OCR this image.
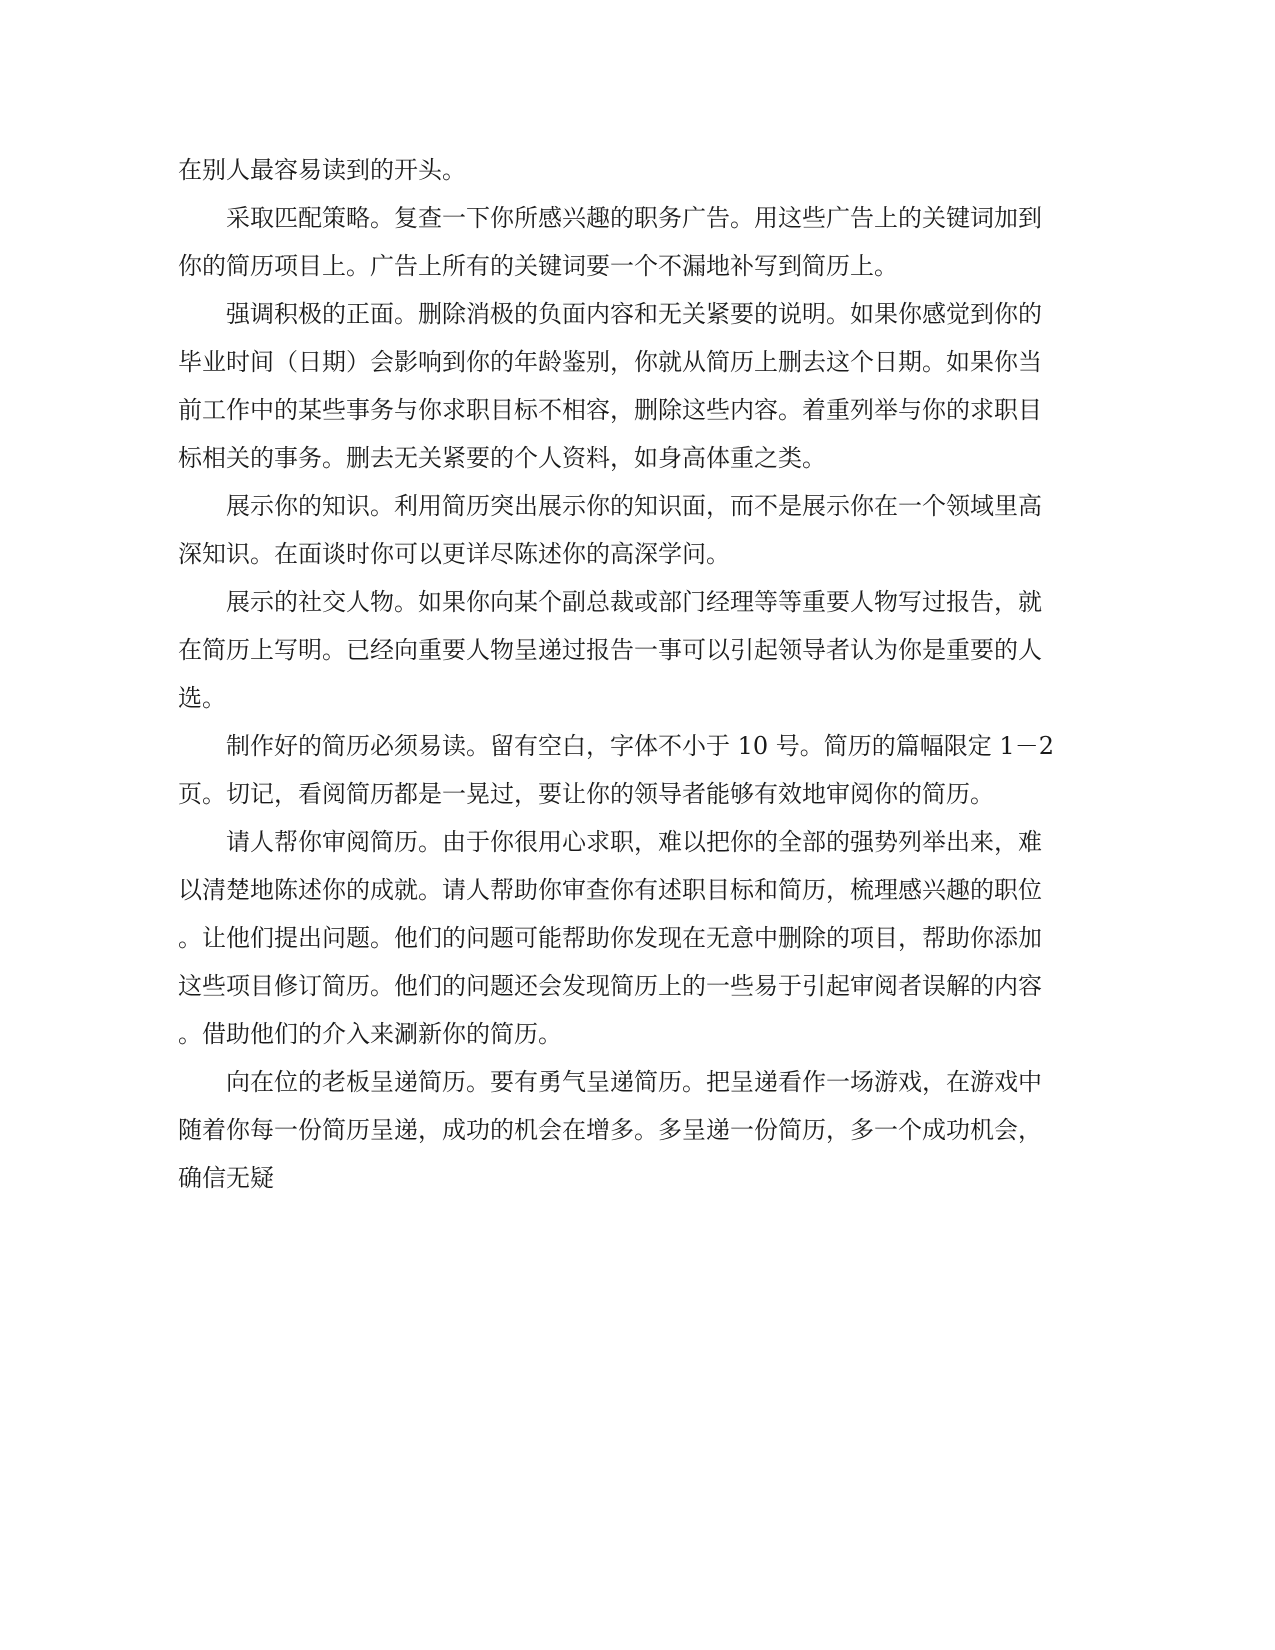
在别人最容易读到的开头。
采取匹配策略。复查一下你所感兴趣的职务广告。用这些广告上的关键词加到
你的简历项目上。广告上所有的关键词要一个不漏地补写到简历上。
强调积极的正面。删除消极的负面内容和无关紧要的说明。如果你感觉到你的
毕业时间（日期）会影响到你的年龄鉴别，你就从简历上删去这个日期。如果你当
前工作中的某些事务与你求职目标不相容，删除这些内容。着重列举与你的求职目
标相关的事务。删去无关紧要的个人资料，如身高体重之类。
展示你的知识。利用简历突出展示你的知识面，而不是展示你在一个领域里高
深知识。在面谈时你可以更详尽陈述你的高深学问。
展示的社交人物。如果你向某个副总裁或部门经理等等重要人物写过报告，就
在简历上写明。已经向重要人物呈递过报告一事可以引起领导者认为你是重要的人
选。
制作好的简历必须易读。留有空白，字体不小于 10 号。简历的篇幅限定 1－2
页。切记，看阅简历都是一晃过，要让你的领导者能够有效地审阅你的简历。
请人帮你审阅简历。由于你很用心求职，难以把你的全部的强势列举出来，难
以清楚地陈述你的成就。请人帮助你审查你有述职目标和简历，梳理感兴趣的职位
。让他们提出问题。他们的问题可能帮助你发现在无意中删除的项目，帮助你添加
这些项目修订简历。他们的问题还会发现简历上的一些易于引起审阅者误解的内容
。借助他们的介入来涮新你的简历。
向在位的老板呈递简历。要有勇气呈递简历。把呈递看作一场游戏，在游戏中
随着你每一份简历呈递，成功的机会在增多。多呈递一份简历，多一个成功机会，
确信无疑
